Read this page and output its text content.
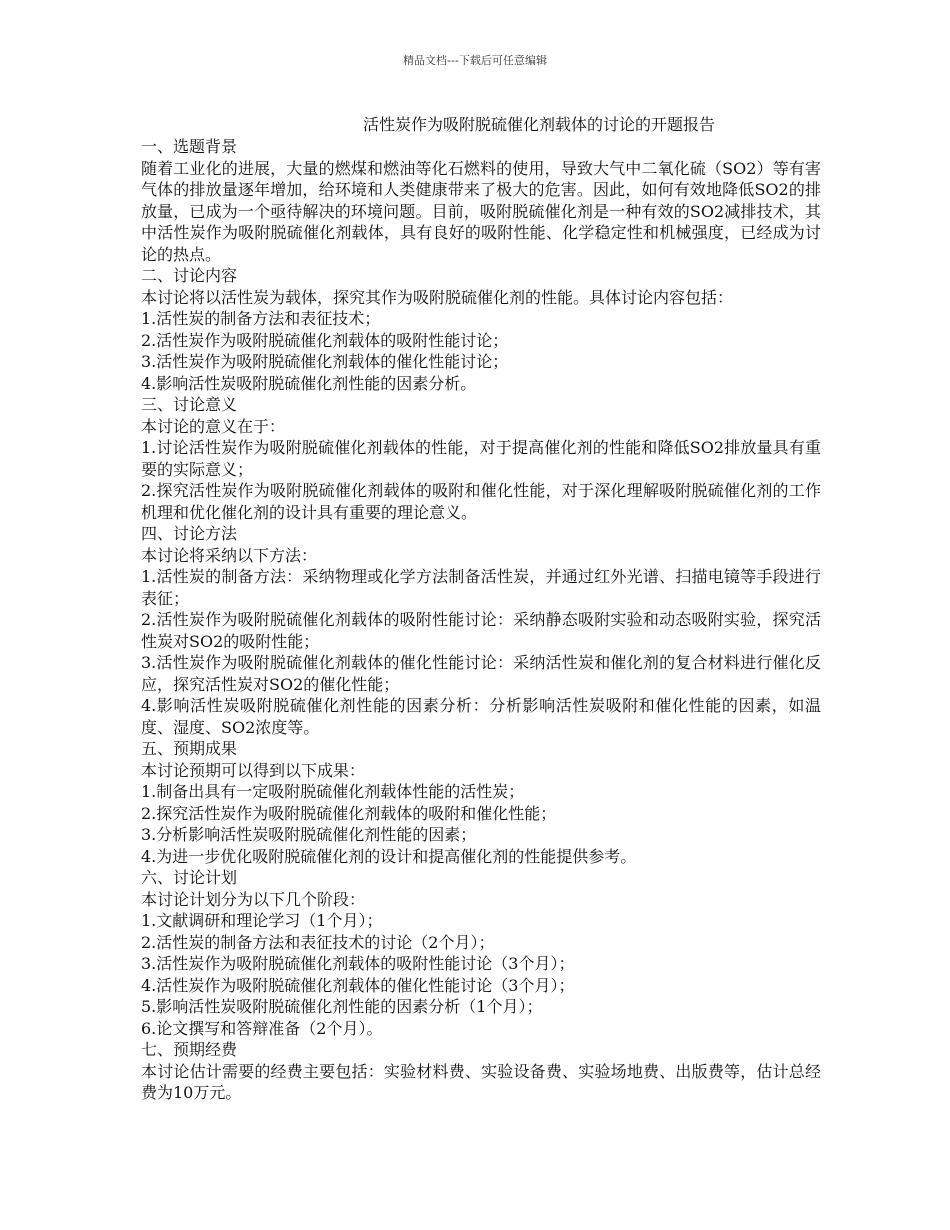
精品文档---下载后可任意编辑
活性炭作为吸附脱硫催化剂载体的讨论的开题报告

一、选题背景

随着工业化的进展，大量的燃煤和燃油等化石燃料的使用，导致大气中二氧化硫（SO2）等有害气体的排放量逐年增加，给环境和人类健康带来了极大的危害。因此，如何有效地降低SO2的排放量，已成为一个亟待解决的环境问题。目前，吸附脱硫催化剂是一种有效的SO2减排技术，其中活性炭作为吸附脱硫催化剂载体，具有良好的吸附性能、化学稳定性和机械强度，已经成为讨论的热点。

二、讨论内容

本讨论将以活性炭为载体，探究其作为吸附脱硫催化剂的性能。具体讨论内容包括：

1.活性炭的制备方法和表征技术；

2.活性炭作为吸附脱硫催化剂载体的吸附性能讨论；

3.活性炭作为吸附脱硫催化剂载体的催化性能讨论；

4.影响活性炭吸附脱硫催化剂性能的因素分析。

三、讨论意义

本讨论的意义在于：

1.讨论活性炭作为吸附脱硫催化剂载体的性能，对于提高催化剂的性能和降低SO2排放量具有重要的实际意义；

2.探究活性炭作为吸附脱硫催化剂载体的吸附和催化性能，对于深化理解吸附脱硫催化剂的工作机理和优化催化剂的设计具有重要的理论意义。

四、讨论方法

本讨论将采纳以下方法：

1.活性炭的制备方法：采纳物理或化学方法制备活性炭，并通过红外光谱、扫描电镜等手段进行表征；

2.活性炭作为吸附脱硫催化剂载体的吸附性能讨论：采纳静态吸附实验和动态吸附实验，探究活性炭对SO2的吸附性能；

3.活性炭作为吸附脱硫催化剂载体的催化性能讨论：采纳活性炭和催化剂的复合材料进行催化反应，探究活性炭对SO2的催化性能；

4.影响活性炭吸附脱硫催化剂性能的因素分析：分析影响活性炭吸附和催化性能的因素，如温度、湿度、SO2浓度等。

五、预期成果

本讨论预期可以得到以下成果：

1.制备出具有一定吸附脱硫催化剂载体性能的活性炭；

2.探究活性炭作为吸附脱硫催化剂载体的吸附和催化性能；

3.分析影响活性炭吸附脱硫催化剂性能的因素；

4.为进一步优化吸附脱硫催化剂的设计和提高催化剂的性能提供参考。

六、讨论计划

本讨论计划分为以下几个阶段：

1.文献调研和理论学习（1个月）；

2.活性炭的制备方法和表征技术的讨论（2个月）；

3.活性炭作为吸附脱硫催化剂载体的吸附性能讨论（3个月）；

4.活性炭作为吸附脱硫催化剂载体的催化性能讨论（3个月）；

5.影响活性炭吸附脱硫催化剂性能的因素分析（1个月）；

6.论文撰写和答辩准备（2个月）。

七、预期经费

本讨论估计需要的经费主要包括：实验材料费、实验设备费、实验场地费、出版费等，估计总经费为10万元。
